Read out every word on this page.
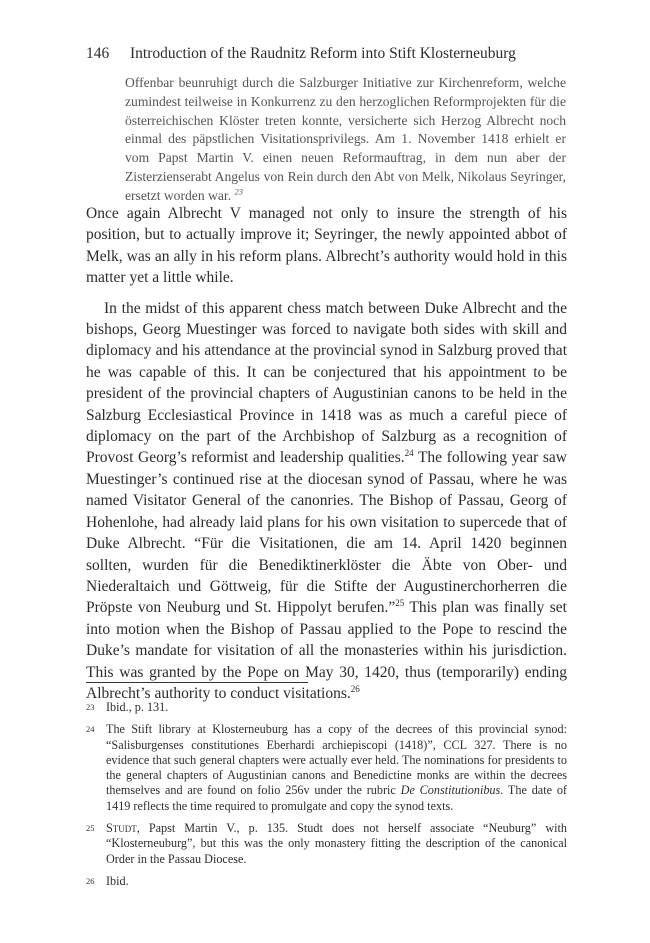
146 Introduction of the Raudnitz Reform into Stift Klosterneuburg
Offenbar beunruhigt durch die Salzburger Initiative zur Kirchenreform, welche zumindest teilweise in Konkurrenz zu den herzoglichen Reformprojekten für die österreichischen Klöster treten konnte, versicherte sich Herzog Albrecht noch einmal des päpstlichen Visitationsprivilegs. Am 1. November 1418 erhielt er vom Papst Martin V. einen neuen Reformauftrag, in dem nun aber der Zisterzienserabt Angelus von Rein durch den Abt von Melk, Nikolaus Seyringer, ersetzt worden war. $^{23}$

Once again Albrecht V managed not only to insure the strength of his position, but to actually improve it; Seyringer, the newly appointed abbot of Melk, was an ally in his reform plans. Albrecht’s authority would hold in this matter yet a little while.

In the midst of this apparent chess match between Duke Albrecht and the bishops, Georg Muestinger was forced to navigate both sides with skill and diplomacy and his attendance at the provincial synod in Salzburg proved that he was capable of this. It can be conjectured that his appointment to be president of the provincial chapters of Augustinian canons to be held in the Salzburg Ecclesiastical Province in 1418 was as much a careful piece of diplomacy on the part of the Archbishop of Salzburg as a recognition of Provost Georg’s reformist and leadership qualities.$^{24}$ The following year saw Muestinger’s continued rise at the diocesan synod of Passau, where he was named Visitator General of the canonries. The Bishop of Passau, Georg of Hohenlohe, had already laid plans for his own visitation to supercede that of Duke Albrecht. “Für die Visitationen, die am 14. April 1420 beginnen sollten, wurden für die Benediktinerklöster die Äbte von Ober- und Niederaltaich und Göttweig, für die Stifte der Augustinerchorherren die Pröpste von Neuburg und St. Hippolyt berufen.”$^{25}$ This plan was finally set into motion when the Bishop of Passau applied to the Pope to rescind the Duke’s mandate for visitation of all the monasteries within his jurisdiction. This was granted by the Pope on May 30, 1420, thus (temporarily) ending Albrecht’s authority to conduct visitations.$^{26}$

23 Ibid., p. 131.
24 The Stift library at Klosterneuburg has a copy of the decrees of this provincial synod: “Salisburgenses constitutiones Eberhardi archiepiscopi (1418)”, CCL 327. There is no evidence that such general chapters were actually ever held. The nominations for presidents to the general chapters of Augustinian canons and Benedictine monks are within the decrees themselves and are found on folio 256v under the rubric De Constitutionibus. The date of 1419 reflects the time required to promulgate and copy the synod texts.
25 Studt, Papst Martin V., p. 135. Studt does not herself associate “Neuburg” with “Klosterneuburg”, but this was the only monastery fitting the description of the canonical Order in the Passau Diocese.
26 Ibid.
